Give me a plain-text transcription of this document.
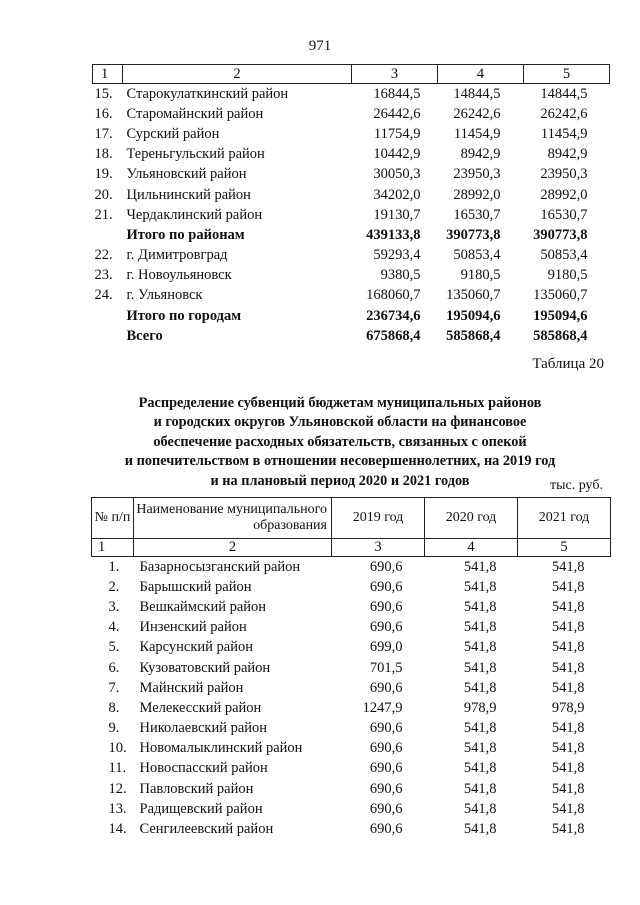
971
1	2	3	4	5
15.	Старокулаткинский район	16844,5	14844,5	14844,5
16.	Старомайнский район	26442,6	26242,6	26242,6
17.	Сурский район	11754,9	11454,9	11454,9
18.	Тереньгульский район	10442,9	8942,9	8942,9
19.	Ульяновский район	30050,3	23950,3	23950,3
20.	Цильнинский район	34202,0	28992,0	28992,0
21.	Чердаклинский район	19130,7	16530,7	16530,7
	Итого по районам	439133,8	390773,8	390773,8
22.	г. Димитровград	59293,4	50853,4	50853,4
23.	г. Новоульяновск	9380,5	9180,5	9180,5
24.	г. Ульяновск	168060,7	135060,7	135060,7
	Итого по городам	236734,6	195094,6	195094,6
	Всего	675868,4	585868,4	585868,4
Таблица 20
Распределение субвенций бюджетам муниципальных районов
и городских округов Ульяновской области на финансовое
обеспечение расходных обязательств, связанных с опекой
и попечительством в отношении несовершеннолетних, на 2019 год
и на плановый период 2020 и 2021 годов	тыс. руб.
№ п/п	Наименование муниципального образования	2019 год	2020 год	2021 год
1	2	3	4	5
1.	Базарносызганский район	690,6	541,8	541,8
2.	Барышский район	690,6	541,8	541,8
3.	Вешкаймский район	690,6	541,8	541,8
4.	Инзенский район	690,6	541,8	541,8
5.	Карсунский район	699,0	541,8	541,8
6.	Кузоватовский район	701,5	541,8	541,8
7.	Майнский район	690,6	541,8	541,8
8.	Мелекесский район	1247,9	978,9	978,9
9.	Николаевский район	690,6	541,8	541,8
10.	Новомалыклинский район	690,6	541,8	541,8
11.	Новоспасский район	690,6	541,8	541,8
12.	Павловский район	690,6	541,8	541,8
13.	Радищевский район	690,6	541,8	541,8
14.	Сенгилеевский район	690,6	541,8	541,8
